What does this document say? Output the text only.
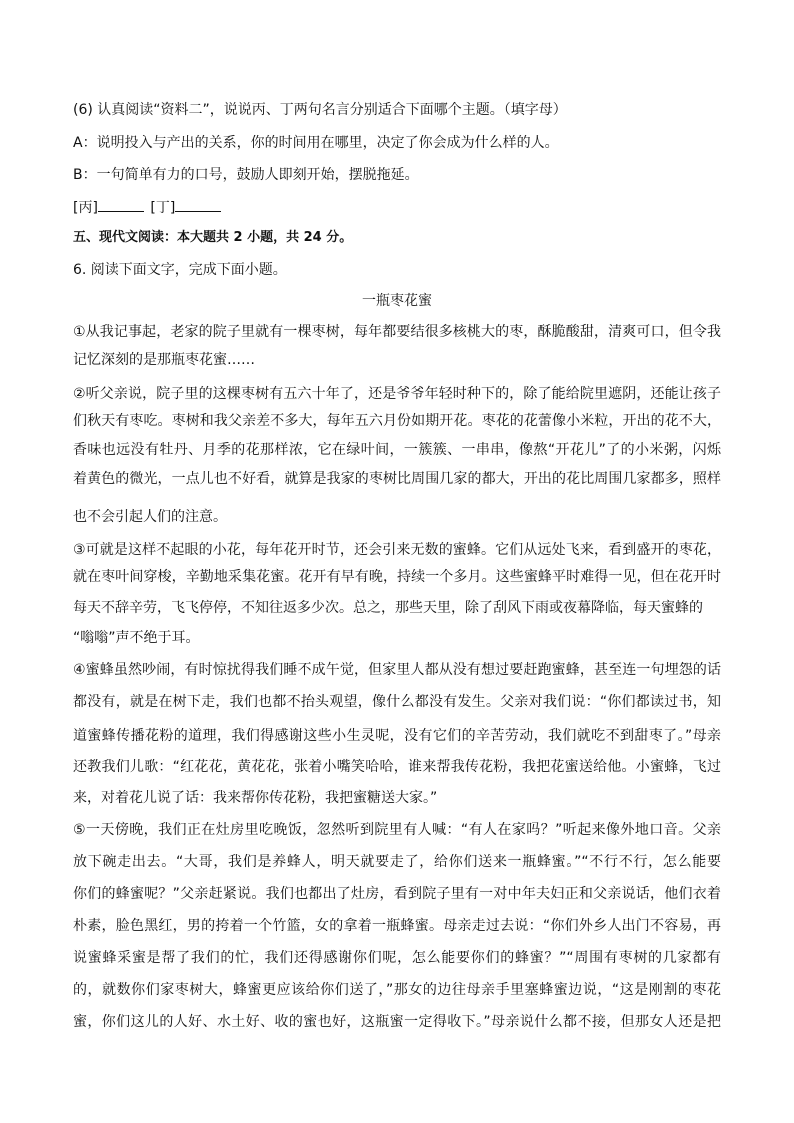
(6) 认真阅读“资料二”，说说丙、丁两句名言分别适合下面哪个主题。（填字母）
A：说明投入与产出的关系，你的时间用在哪里，决定了你会成为什么样的人。
B：一句简单有力的口号，鼓励人即刻开始，摆脱拖延。
[丙]	[丁]
五、现代文阅读：本大题共 2 小题，共 24 分。
6. 阅读下面文字，完成下面小题。
一瓶枣花蜜
①从我记事起，老家的院子里就有一棵枣树，每年都要结很多核桃大的枣，酥脆酸甜，清爽可口，但令我
记忆深刻的是那瓶枣花蜜……
②听父亲说，院子里的这棵枣树有五六十年了，还是爷爷年轻时种下的，除了能给院里遮阴，还能让孩子
们秋天有枣吃。枣树和我父亲差不多大，每年五六月份如期开花。枣花的花蕾像小米粒，开出的花不大，
香味也远没有牡丹、月季的花那样浓，它在绿叶间，一簇簇、一串串，像熬“开花儿”了的小米粥，闪烁
着黄色的微光，一点儿也不好看，就算是我家的枣树比周围几家的都大，开出的花比周围几家都多，照样
也不会引起人们的注意。
③可就是这样不起眼的小花，每年花开时节，还会引来无数的蜜蜂。它们从远处飞来，看到盛开的枣花，
就在枣叶间穿梭，辛勤地采集花蜜。花开有早有晚，持续一个多月。这些蜜蜂平时难得一见，但在花开时
每天不辞辛劳，飞飞停停，不知往返多少次。总之，那些天里，除了刮风下雨或夜幕降临，每天蜜蜂的
“嗡嗡”声不绝于耳。
④蜜蜂虽然吵闹，有时惊扰得我们睡不成午觉，但家里人都从没有想过要赶跑蜜蜂，甚至连一句埋怨的话
都没有，就是在树下走，我们也都不抬头观望，像什么都没有发生。父亲对我们说：“你们都读过书，知
道蜜蜂传播花粉的道理，我们得感谢这些小生灵呢，没有它们的辛苦劳动，我们就吃不到甜枣了。”母亲
还教我们儿歌：“红花花，黄花花，张着小嘴笑哈哈，谁来帮我传花粉，我把花蜜送给他。小蜜蜂，飞过
来，对着花儿说了话：我来帮你传花粉，我把蜜糖送大家。”
⑤一天傍晚，我们正在灶房里吃晚饭，忽然听到院里有人喊：“有人在家吗？”听起来像外地口音。父亲
放下碗走出去。“大哥，我们是养蜂人，明天就要走了，给你们送来一瓶蜂蜜。”“不行不行，怎么能要
你们的蜂蜜呢？”父亲赶紧说。我们也都出了灶房，看到院子里有一对中年夫妇正和父亲说话，他们衣着
朴素，脸色黑红，男的挎着一个竹篮，女的拿着一瓶蜂蜜。母亲走过去说：“你们外乡人出门不容易，再
说蜜蜂采蜜是帮了我们的忙，我们还得感谢你们呢，怎么能要你们的蜂蜜？”“周围有枣树的几家都有
的，就数你们家枣树大，蜂蜜更应该给你们送了，”那女的边往母亲手里塞蜂蜜边说，“这是刚割的枣花
蜜，你们这儿的人好、水土好、收的蜜也好，这瓶蜜一定得收下。”母亲说什么都不接，但那女人还是把
